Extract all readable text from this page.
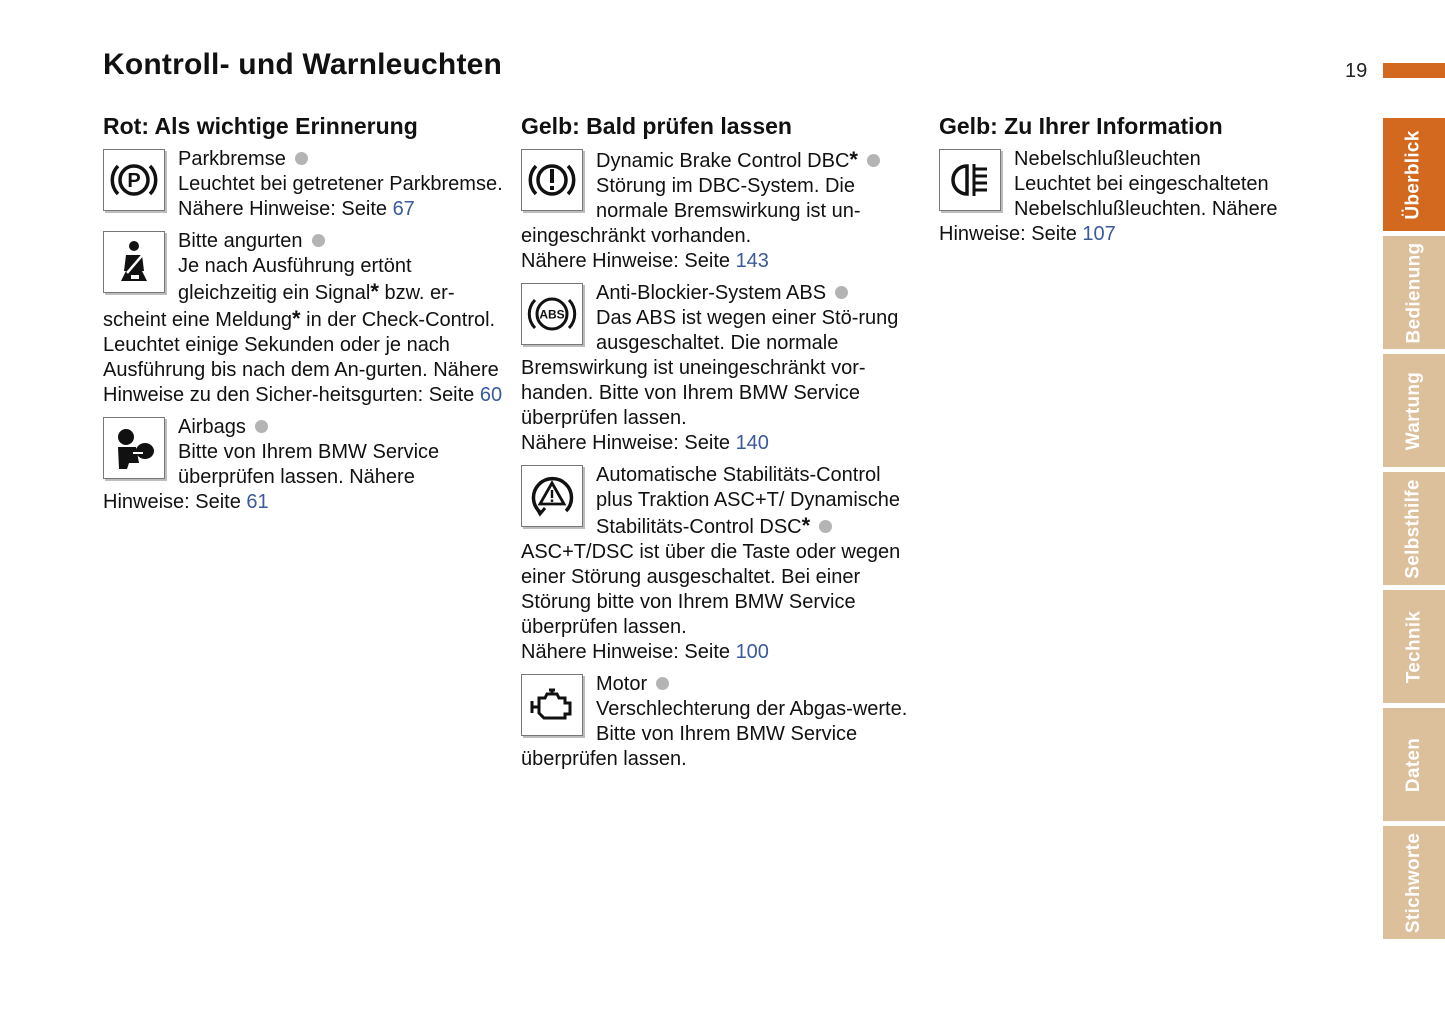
Kontroll- und Warnleuchten	19
Rot: Als wichtige Erinnerung
P

Parkbremse

Leuchtet bei getretener Parkbremse.

Nähere Hinweise: Seite 67

Bitte angurten

Je nach Ausführung ertönt gleichzeitig ein Signal* bzw. er-scheint eine Meldung* in der Check-Control. Leuchtet einige Sekunden oder je nach Ausführung bis nach dem An-gurten. Nähere Hinweise zu den Sicher-heitsgurten: Seite 60

Airbags

Bitte von Ihrem BMW Service überprüfen lassen. Nähere Hinweise: Seite 61

Gelb: Bald prüfen lassen

Dynamic Brake Control DBC*

Störung im DBC-System. Die normale Bremswirkung ist un-eingeschränkt vorhanden.

Nähere Hinweise: Seite 143

ABS

Anti-Blockier-System ABS

Das ABS ist wegen einer Stö-rung ausgeschaltet. Die normale Bremswirkung ist uneingeschränkt vor-handen. Bitte von Ihrem BMW Service überprüfen lassen.

Nähere Hinweise: Seite 140

Automatische Stabilitäts-Control plus Traktion ASC+T/ Dynamische Stabilitäts-Control DSC*

ASC+T/DSC ist über die Taste oder wegen einer Störung ausgeschaltet. Bei einer Störung bitte von Ihrem BMW Service überprüfen lassen.

Nähere Hinweise: Seite 100

Motor

Verschlechterung der Abgas-werte. Bitte von Ihrem BMW Service überprüfen lassen.

Gelb: Zu Ihrer Information

Nebelschlußleuchten

Leuchtet bei eingeschalteten Nebelschlußleuchten. Nähere Hinweise: Seite 107

Überblick
Bedienung
Wartung
Selbsthilfe
Technik
Daten
Stichworte
